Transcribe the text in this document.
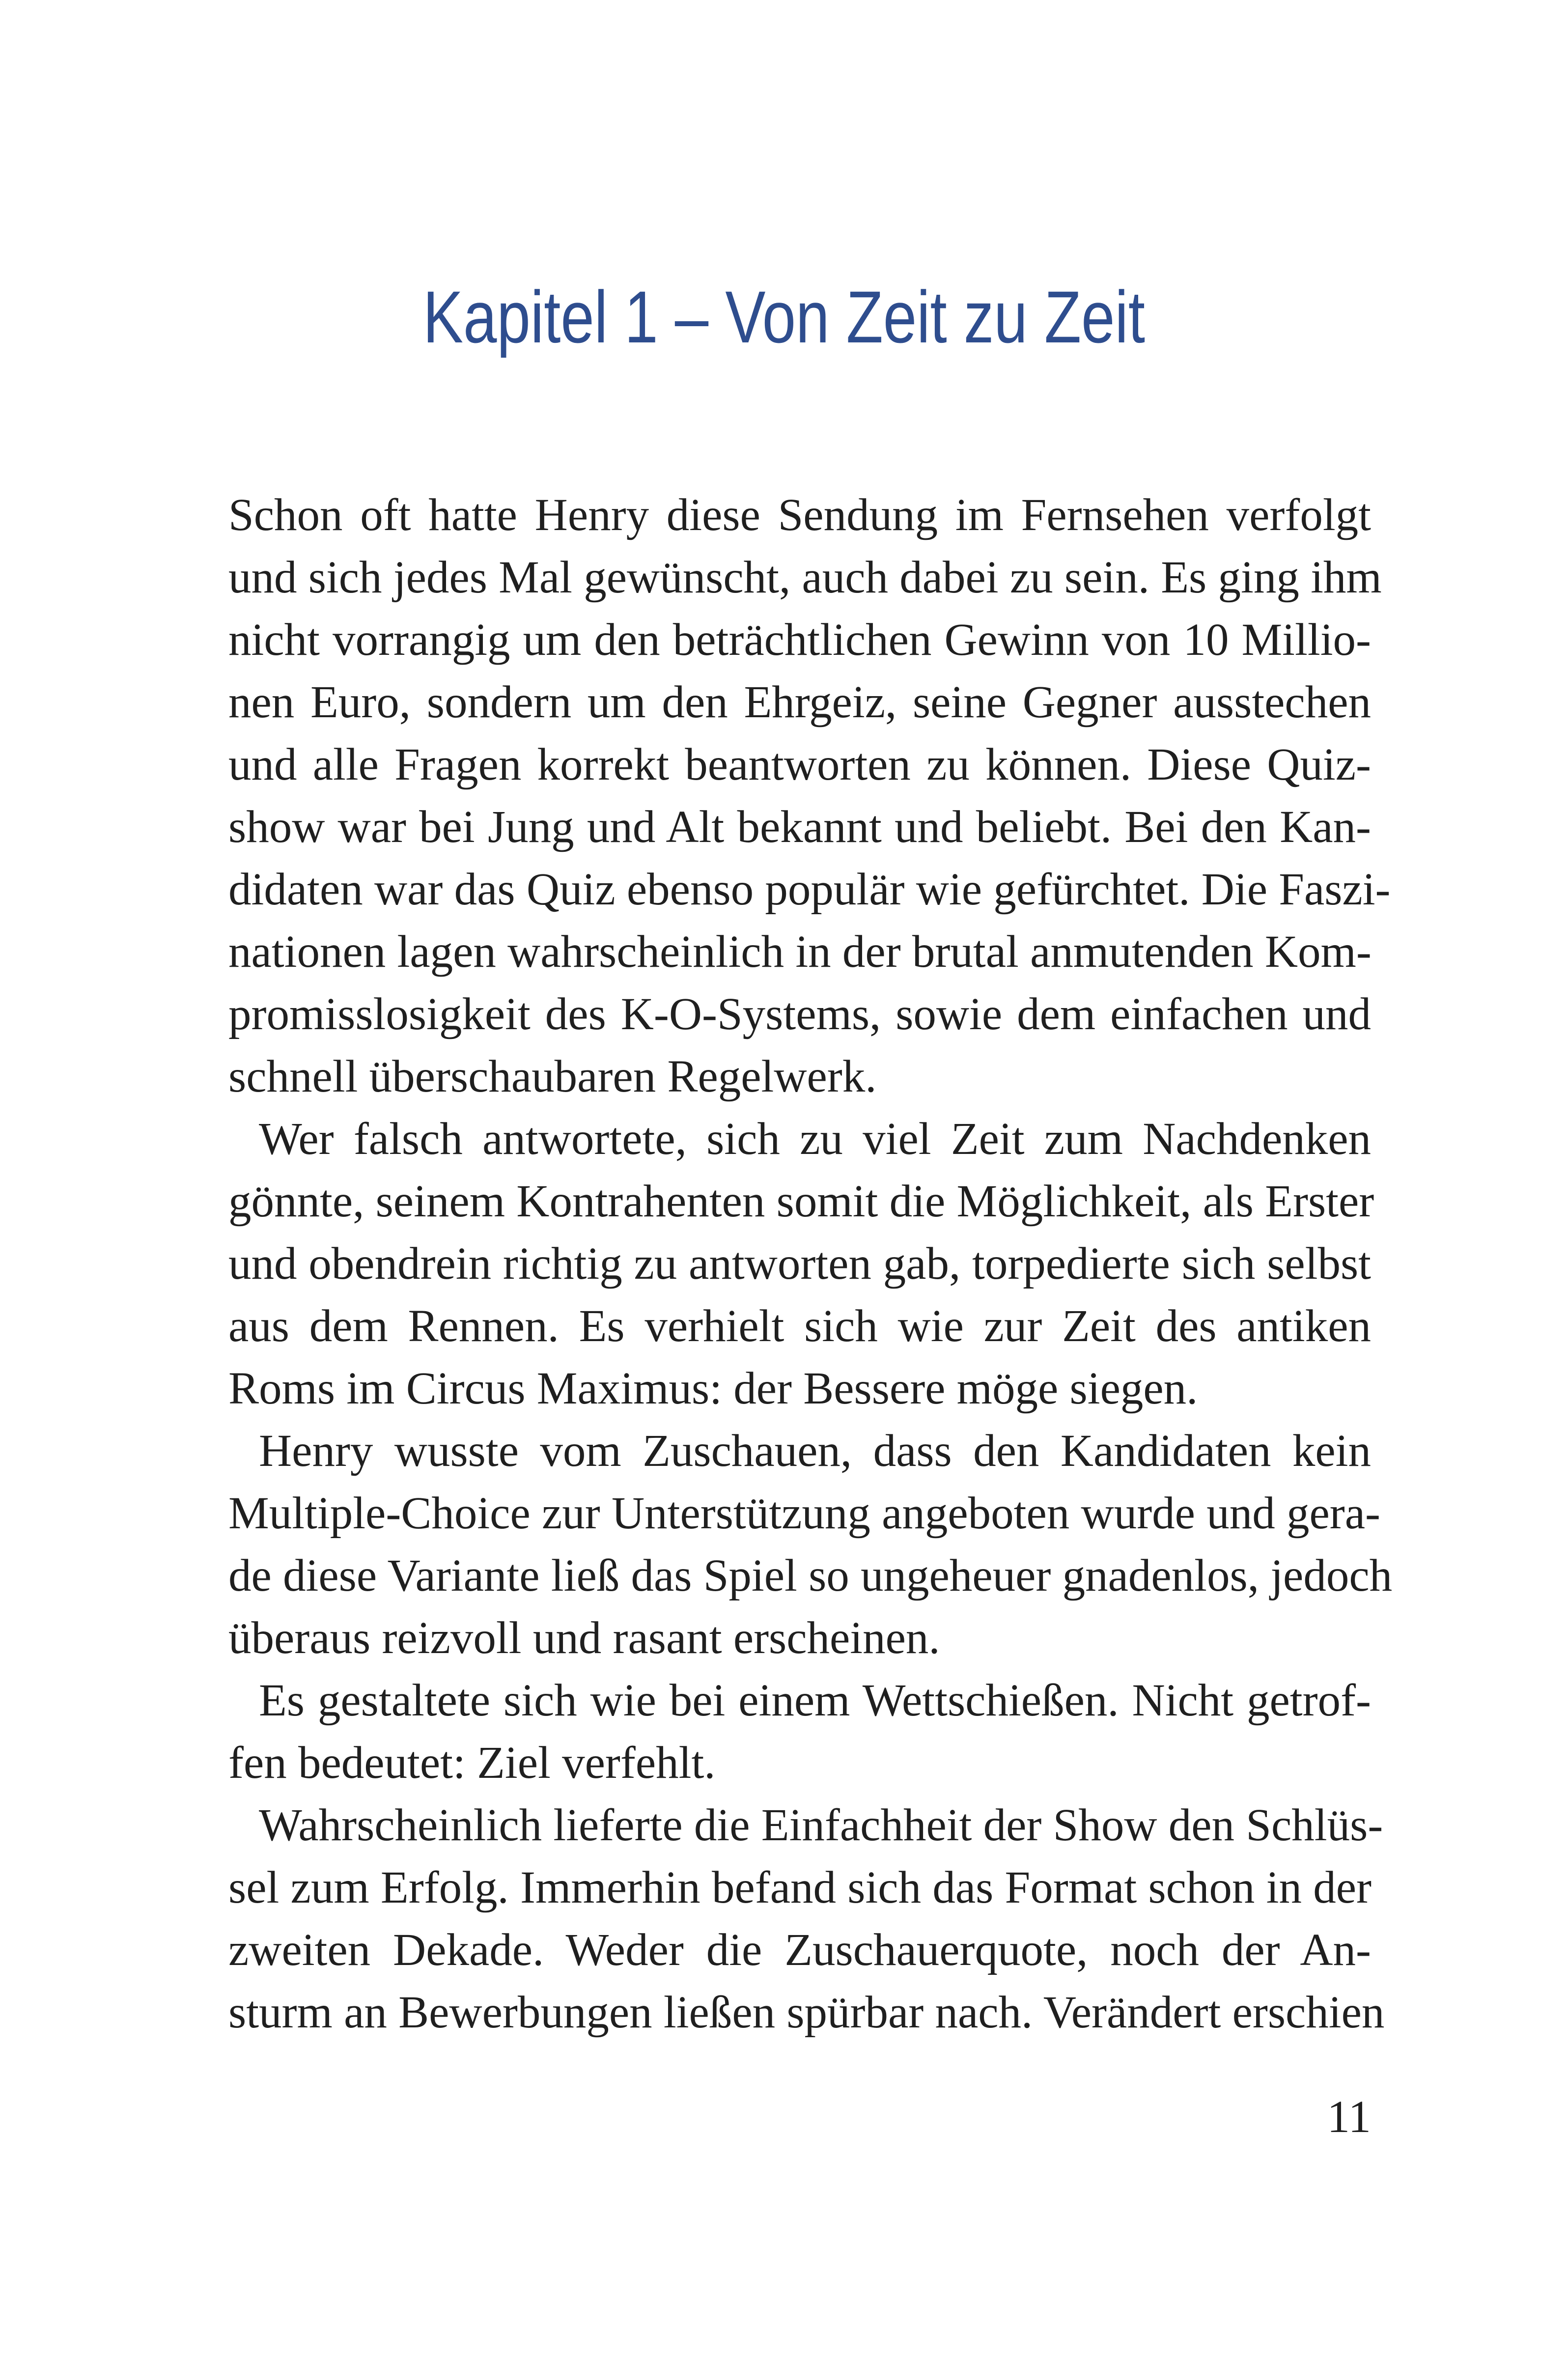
Kapitel 1 – Von Zeit zu Zeit
Schon oft hatte Henry diese Sendung im Fernsehen verfolgt
und sich jedes Mal gewünscht, auch dabei zu sein. Es ging ihm
nicht vorrangig um den beträchtlichen Gewinn von 10 Millio-
nen Euro, sondern um den Ehrgeiz, seine Gegner ausstechen
und alle Fragen korrekt beantworten zu können. Diese Quiz-
show war bei Jung und Alt bekannt und beliebt. Bei den Kan-
didaten war das Quiz ebenso populär wie gefürchtet. Die Faszi-
nationen lagen wahrscheinlich in der brutal anmutenden Kom-
promisslosigkeit des K-O-Systems, sowie dem einfachen und
schnell überschaubaren Regelwerk.
Wer falsch antwortete, sich zu viel Zeit zum Nachdenken
gönnte, seinem Kontrahenten somit die Möglichkeit, als Erster
und obendrein richtig zu antworten gab, torpedierte sich selbst
aus dem Rennen. Es verhielt sich wie zur Zeit des antiken
Roms im Circus Maximus: der Bessere möge siegen.
Henry wusste vom Zuschauen, dass den Kandidaten kein
Multiple-Choice zur Unterstützung angeboten wurde und gera-
de diese Variante ließ das Spiel so ungeheuer gnadenlos, jedoch
überaus reizvoll und rasant erscheinen.
Es gestaltete sich wie bei einem Wettschießen. Nicht getrof-
fen bedeutet: Ziel verfehlt.
Wahrscheinlich lieferte die Einfachheit der Show den Schlüs-
sel zum Erfolg. Immerhin befand sich das Format schon in der
zweiten Dekade. Weder die Zuschauerquote, noch der An-
sturm an Bewerbungen ließen spürbar nach. Verändert erschien
11
